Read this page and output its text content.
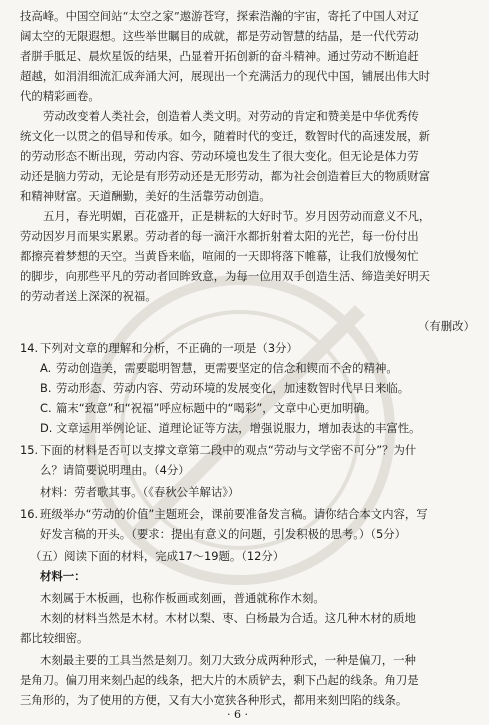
技高峰。中国空间站“太空之家”遨游苍穹，探索浩瀚的宇宙，寄托了中国人对辽
阔太空的无限遐想。这些举世瞩目的成就，都是劳动智慧的结晶，是一代代劳动
者胼手胝足、晨炊星饭的结果，凸显着开拓创新的奋斗精神。通过劳动不断追赶
超越，如涓涓细流汇成奔涌大河，展现出一个充满活力的现代中国，铺展出伟大时
代的精彩画卷。
劳动改变着人类社会，创造着人类文明。对劳动的肯定和赞美是中华优秀传
统文化一以贯之的倡导和传承。如今，随着时代的变迁，数智时代的高速发展，新
的劳动形态不断出现，劳动内容、劳动环境也发生了很大变化。但无论是体力劳
动还是脑力劳动，无论是有形劳动还是无形劳动，都为社会创造着巨大的物质财富
和精神财富。天道酬勤，美好的生活靠劳动创造。
五月，春光明媚，百花盛开，正是耕耘的大好时节。岁月因劳动而意义不凡，
劳动因岁月而果实累累。劳动者的每一滴汗水都折射着太阳的光芒，每一份付出
都擦亮着梦想的天空。当黄昏来临，喧闹的一天即将落下帷幕，让我们放慢匆忙
的脚步，向那些平凡的劳动者回眸致意，为每一位用双手创造生活、缔造美好明天
的劳动者送上深深的祝福。
（有删改）
14. 下列对文章的理解和分析，不正确的一项是（3分）
A. 劳动创造美，需要聪明智慧，更需要坚定的信念和锲而不舍的精神。
B. 劳动形态、劳动内容、劳动环境的发展变化，加速数智时代早日来临。
C. 篇末“致意”和“祝福”呼应标题中的“喝彩”，文章中心更加明确。
D. 文章运用举例论证、道理论证等方法，增强说服力，增加表达的丰富性。
15. 下面的材料是否可以支撑文章第二段中的观点“劳动与文学密不可分”？为什
么？请简要说明理由。（4分）
材料：劳者歌其事。（《春秋公羊解诂》）
16. 班级举办“劳动的价值”主题班会，课前要准备发言稿。请你结合本文内容，写
好发言稿的开头。（要求：提出有意义的问题，引发积极的思考。）（5分）
（五）阅读下面的材料，完成17～19题。（12分）
材料一：
木刻属于木板画，也称作板画或刻画，普通就称作木刻。
木刻的材料当然是木材。木材以梨、枣、白杨最为合适。这几种木材的质地
都比较细密。
木刻最主要的工具当然是刻刀。刻刀大致分成两种形式，一种是偏刀，一种
是角刀。偏刀用来刻凸起的线条，把大片的木质铲去，剩下凸起的线条。角刀是
三角形的，为了使用的方便，又有大小宽狭各种形式，都用来刻凹陷的线条。
· 6 ·
